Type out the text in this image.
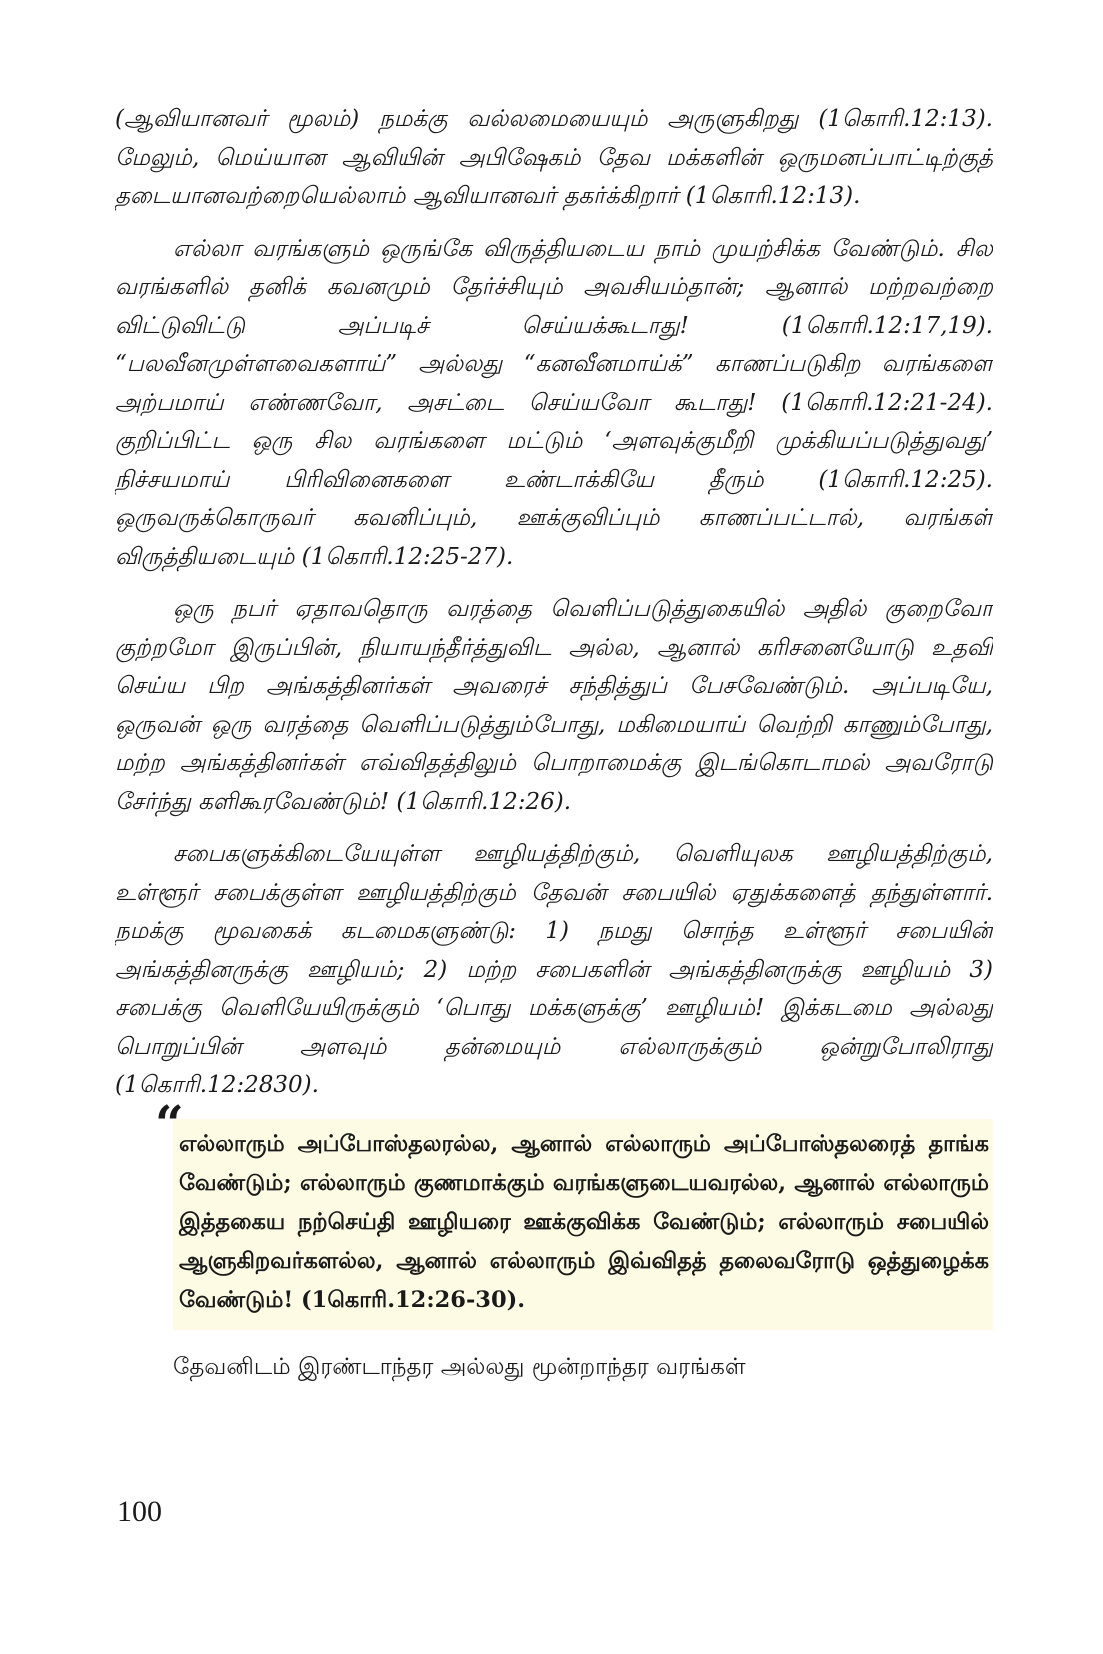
(ஆவியானவர் மூலம்) நமக்கு வல்லமையையும் அருளுகிறது (1கொரி.12:13). மேலும், மெய்யான ஆவியின் அபிஷேகம் தேவ மக்களின் ஒருமனப்பாட்டிற்குத் தடையானவற்றையெல்லாம் ஆவியானவர் தகர்க்கிறார் (1கொரி.12:13).

எல்லா வரங்களும் ஒருங்கே விருத்தியடைய நாம் முயற்சிக்க வேண்டும். சில வரங்களில் தனிக் கவனமும் தேர்ச்சியும் அவசியம்தான்; ஆனால் மற்றவற்றை விட்டுவிட்டு அப்படிச் செய்யக்கூடாது! (1கொரி.12:17,19). “பலவீனமுள்ளவைகளாய்” அல்லது “கனவீனமாய்க்” காணப்படுகிற வரங்களை அற்பமாய் எண்ணவோ, அசட்டை செய்யவோ கூடாது! (1கொரி.12:21-24). குறிப்பிட்ட ஒரு சில வரங்களை மட்டும் ‘அளவுக்குமீறி முக்கியப்படுத்துவது’ நிச்சயமாய் பிரிவினைகளை உண்டாக்கியே தீரும் (1கொரி.12:25). ஒருவருக்கொருவர் கவனிப்பும், ஊக்குவிப்பும் காணப்பட்டால், வரங்கள் விருத்தியடையும் (1கொரி.12:25-27).

ஒரு நபர் ஏதாவதொரு வரத்தை வெளிப்படுத்துகையில் அதில் குறைவோ குற்றமோ இருப்பின், நியாயந்தீர்த்துவிட அல்ல, ஆனால் கரிசனையோடு உதவி செய்ய பிற அங்கத்தினர்கள் அவரைச் சந்தித்துப் பேசவேண்டும். அப்படியே, ஒருவன் ஒரு வரத்தை வெளிப்படுத்தும்போது, மகிமையாய் வெற்றி காணும்போது, மற்ற அங்கத்தினர்கள் எவ்விதத்திலும் பொறாமைக்கு இடங்கொடாமல் அவரோடு சேர்ந்து களிகூரவேண்டும்! (1கொரி.12:26).

சபைகளுக்கிடையேயுள்ள ஊழியத்திற்கும், வெளியுலக ஊழியத்திற்கும், உள்ளூர் சபைக்குள்ள ஊழியத்திற்கும் தேவன் சபையில் ஏதுக்களைத் தந்துள்ளார். நமக்கு மூவகைக் கடமைகளுண்டு: 1) நமது சொந்த உள்ளூர் சபையின் அங்கத்தினருக்கு ஊழியம்; 2) மற்ற சபைகளின் அங்கத்தினருக்கு ஊழியம் 3) சபைக்கு வெளியேயிருக்கும் ‘பொது மக்களுக்கு’ ஊழியம்! இக்கடமை அல்லது பொறுப்பின் அளவும் தன்மையும் எல்லாருக்கும் ஒன்றுபோலிராது (1கொரி.12:2830).

“
எல்லாரும் அப்போஸ்தலரல்ல, ஆனால் எல்லாரும் அப்போஸ்தலரைத் தாங்க வேண்டும்; எல்லாரும் குணமாக்கும் வரங்களுடையவரல்ல, ஆனால் எல்லாரும் இத்தகைய நற்செய்தி ஊழியரை ஊக்குவிக்க வேண்டும்; எல்லாரும் சபையில் ஆளுகிறவர்களல்ல, ஆனால் எல்லாரும் இவ்விதத் தலைவரோடு ஒத்துழைக்க வேண்டும்! (1கொரி.12:26-30).

தேவனிடம் இரண்டாந்தர அல்லது மூன்றாந்தர வரங்கள்

100
